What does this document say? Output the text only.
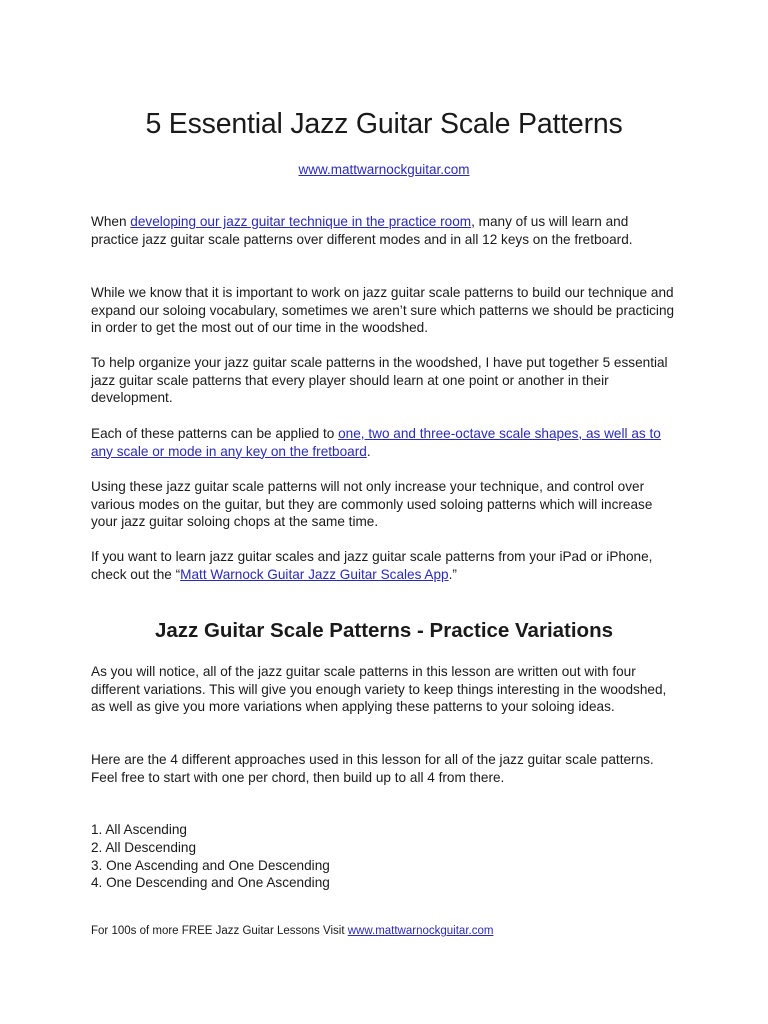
5 Essential Jazz Guitar Scale Patterns
www.mattwarnockguitar.com

When developing our jazz guitar technique in the practice room, many of us will learn and practice jazz guitar scale patterns over different modes and in all 12 keys on the fretboard.

While we know that it is important to work on jazz guitar scale patterns to build our technique and expand our soloing vocabulary, sometimes we aren’t sure which patterns we should be practicing in order to get the most out of our time in the woodshed.

To help organize your jazz guitar scale patterns in the woodshed, I have put together 5 essential jazz guitar scale patterns that every player should learn at one point or another in their development.

Each of these patterns can be applied to one, two and three-octave scale shapes, as well as to any scale or mode in any key on the fretboard.

Using these jazz guitar scale patterns will not only increase your technique, and control over various modes on the guitar, but they are commonly used soloing patterns which will increase your jazz guitar soloing chops at the same time.

If you want to learn jazz guitar scales and jazz guitar scale patterns from your iPad or iPhone, check out the “Matt Warnock Guitar Jazz Guitar Scales App.”

Jazz Guitar Scale Patterns - Practice Variations

As you will notice, all of the jazz guitar scale patterns in this lesson are written out with four different variations. This will give you enough variety to keep things interesting in the woodshed, as well as give you more variations when applying these patterns to your soloing ideas.

Here are the 4 different approaches used in this lesson for all of the jazz guitar scale patterns. Feel free to start with one per chord, then build up to all 4 from there.

1. All Ascending
2. All Descending
3. One Ascending and One Descending
4. One Descending and One Ascending
For 100s of more FREE Jazz Guitar Lessons Visit www.mattwarnockguitar.com
